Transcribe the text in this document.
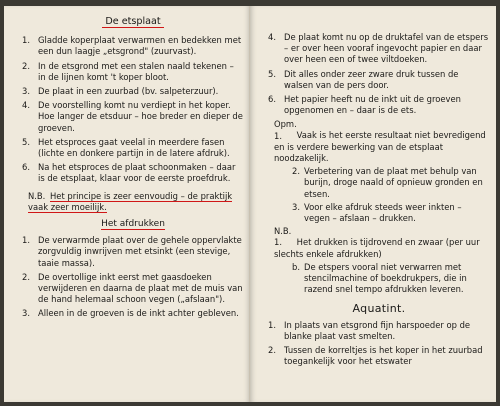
De etsplaat
1. Gladde koperplaat verwarmen en bedekken met een dun laagje „etsgrond" (zuurvast).
2. In de etsgrond met een stalen naald tekenen – in de lijnen komt 't koper bloot.
3. De plaat in een zuurbad (bv. salpeterzuur).
4. De voorstelling komt nu verdiept in het koper. Hoe langer de etsduur – hoe breder en dieper de groeven.
5. Het etsproces gaat veelal in meerdere fasen (lichte en donkere partijn in de latere afdruk).
6. Na het etsproces de plaat schoonmaken – daar is de etsplaat, klaar voor de eerste proefdruk.
N.B. Het principe is zeer eenvoudig – de praktijk vaak zeer moeilijk.
Het afdrukken
1. De verwarmde plaat over de gehele oppervlakte zorgvuldig inwrijven met etsinkt (een stevige, taaie massa).
2. De overtollige inkt eerst met gaasdoeken verwijderen en daarna de plaat met de muis van de hand helemaal schoon vegen („afslaan").
3. Alleen in de groeven is de inkt achter gebleven.
4. De plaat komt nu op de druktafel van de etspers – er over heen vooraf ingevocht papier en daar over heen een of twee viltdoeken.
5. Dit alles onder zeer zware druk tussen de walsen van de pers door.
6. Het papier heeft nu de inkt uit de groeven opgenomen en – daar is de ets.
Opm. 1. Vaak is het eerste resultaat niet bevredigend en is verdere bewerking van de etsplaat noodzakelijk.
2. Verbetering van de plaat met behulp van burijn, droge naald of opnieuw gronden en etsen.
3. Voor elke afdruk steeds weer inkten – vegen – afslaan – drukken.
N.B. 1. Het drukken is tijdrovend en zwaar (per uur slechts enkele afdrukken)
b. De etspers vooral niet verwarren met stencilmachine of boekdrukpers, die in razend snel tempo afdrukken leveren.
Aquatint.
1. In plaats van etsgrond fijn harspoeder op de blanke plaat vast smelten.
2. Tussen de korreltjes is het koper in het zuurbad toegankelijk voor het etswater
